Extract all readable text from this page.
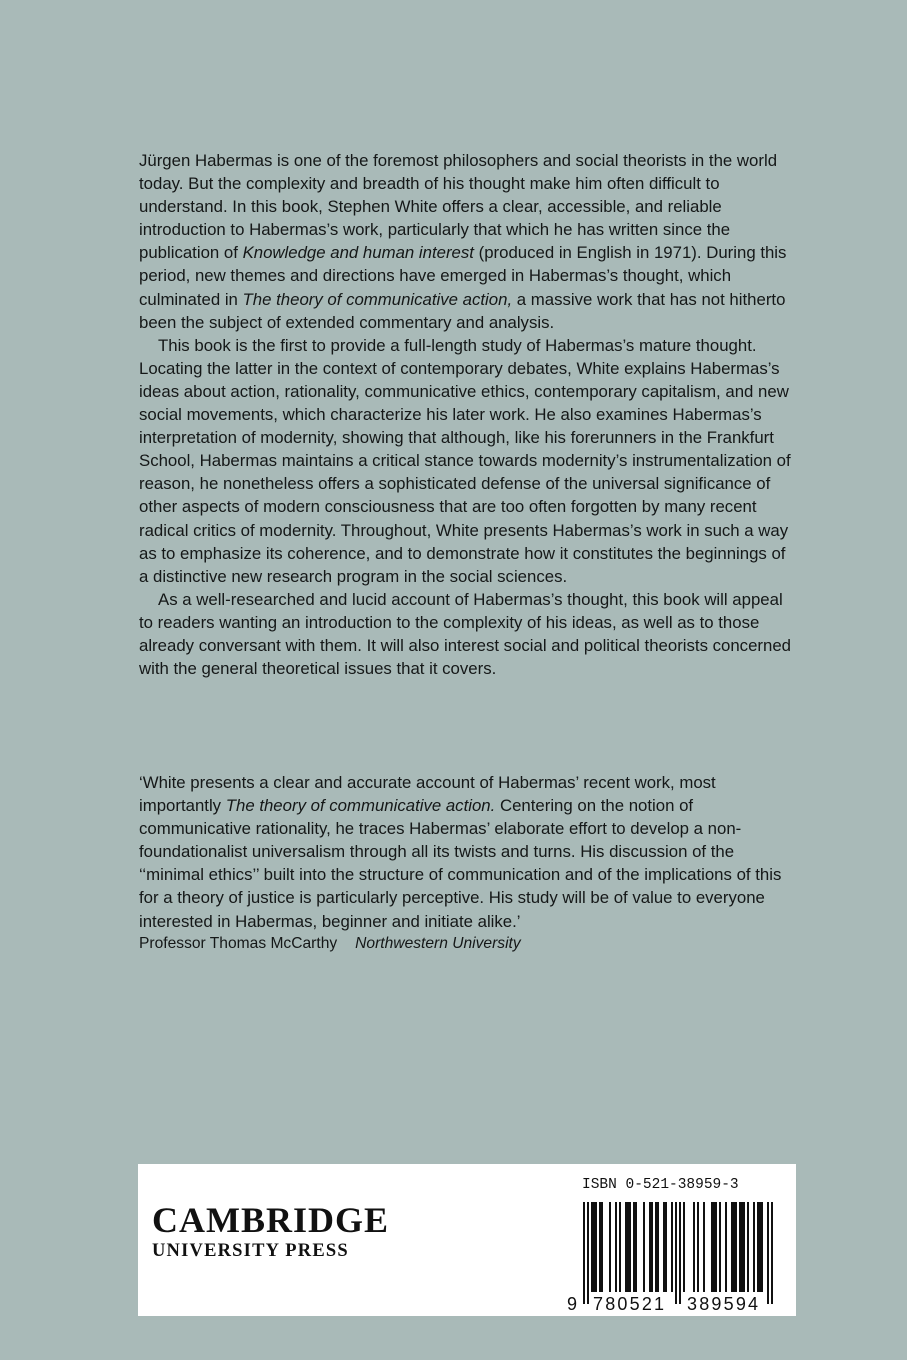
Jürgen Habermas is one of the foremost philosophers and social theorists in the world today. But the complexity and breadth of his thought make him often difficult to understand. In this book, Stephen White offers a clear, accessible, and reliable introduction to Habermas’s work, particularly that which he has written since the publication of Knowledge and human interest (produced in English in 1971). During this period, new themes and directions have emerged in Habermas’s thought, which culminated in The theory of communicative action, a massive work that has not hitherto been the subject of extended commentary and analysis.

This book is the first to provide a full-length study of Habermas’s mature thought. Locating the latter in the context of contemporary debates, White explains Habermas’s ideas about action, rationality, communicative ethics, contemporary capitalism, and new social movements, which characterize his later work. He also examines Habermas’s interpretation of modernity, showing that although, like his forerunners in the Frankfurt School, Habermas maintains a critical stance towards modernity’s instrumentalization of reason, he nonetheless offers a sophisticated defense of the universal significance of other aspects of modern consciousness that are too often forgotten by many recent radical critics of modernity. Throughout, White presents Habermas’s work in such a way as to emphasize its coherence, and to demonstrate how it constitutes the beginnings of a distinctive new research program in the social sciences.

As a well-researched and lucid account of Habermas’s thought, this book will appeal to readers wanting an introduction to the complexity of his ideas, as well as to those already conversant with them. It will also interest social and political theorists concerned with the general theoretical issues that it covers.

‘White presents a clear and accurate account of Habermas’ recent work, most importantly The theory of communicative action. Centering on the notion of communicative rationality, he traces Habermas’ elaborate effort to develop a non-foundationalist universalism through all its twists and turns. His discussion of the ‘‘minimal ethics’’ built into the structure of communication and of the implications of this for a theory of justice is particularly perceptive. His study will be of value to everyone interested in Habermas, beginner and initiate alike.’

Professor Thomas McCarthy Northwestern University

CAMBRIDGE
UNIVERSITY PRESS
ISBN 0-521-38959-3
9 780521 389594
